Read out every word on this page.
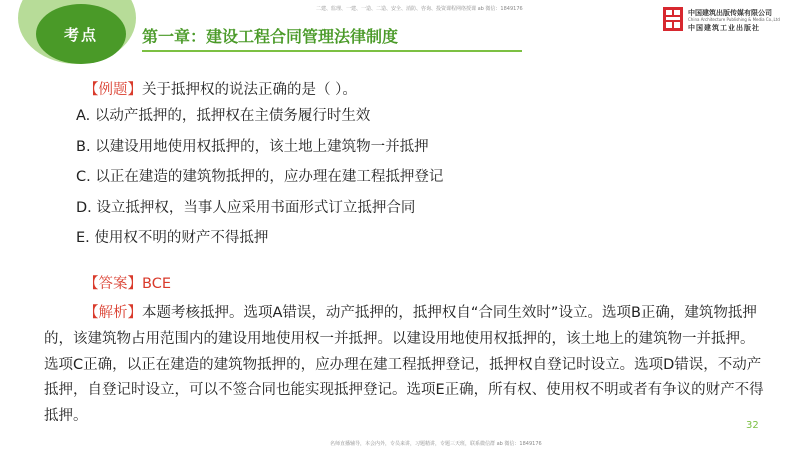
考点
二建、监理、一建、一造、二造、安全、消防、咨询、投资课程网络授课 ab 微信：1849176
第一章：建设工程合同管理法律制度
中国建筑出版传媒有限公司
China Architecture Publishing & Media Co.,Ltd
中国建筑工业出版社
【例题】关于抵押权的说法正确的是（ ）。
A. 以动产抵押的，抵押权在主债务履行时生效
B. 以建设用地使用权抵押的，该土地上建筑物一并抵押
C. 以正在建造的建筑物抵押的，应办理在建工程抵押登记
D. 设立抵押权，当事人应采用书面形式订立抵押合同
E. 使用权不明的财产不得抵押
【答案】BCE
【解析】本题考核抵押。选项A错误，动产抵押的，抵押权自“合同生效时”设立。选项B正确，建筑物抵押的，该建筑物占用范围内的建设用地使用权一并抵押。以建设用地使用权抵押的，该土地上的建筑物一并抵押。选项C正确，以正在建造的建筑物抵押的，应办理在建工程抵押登记，抵押权自登记时设立。选项D错误，不动产抵押，自登记时设立，可以不签合同也能实现抵押登记。选项E正确，所有权、使用权不明或者有争议的财产不得抵押。
32
名师直播辅导，本会内外，专员来讲，习题精讲，专题三天班，联系微信群 ab 微信：1849176
